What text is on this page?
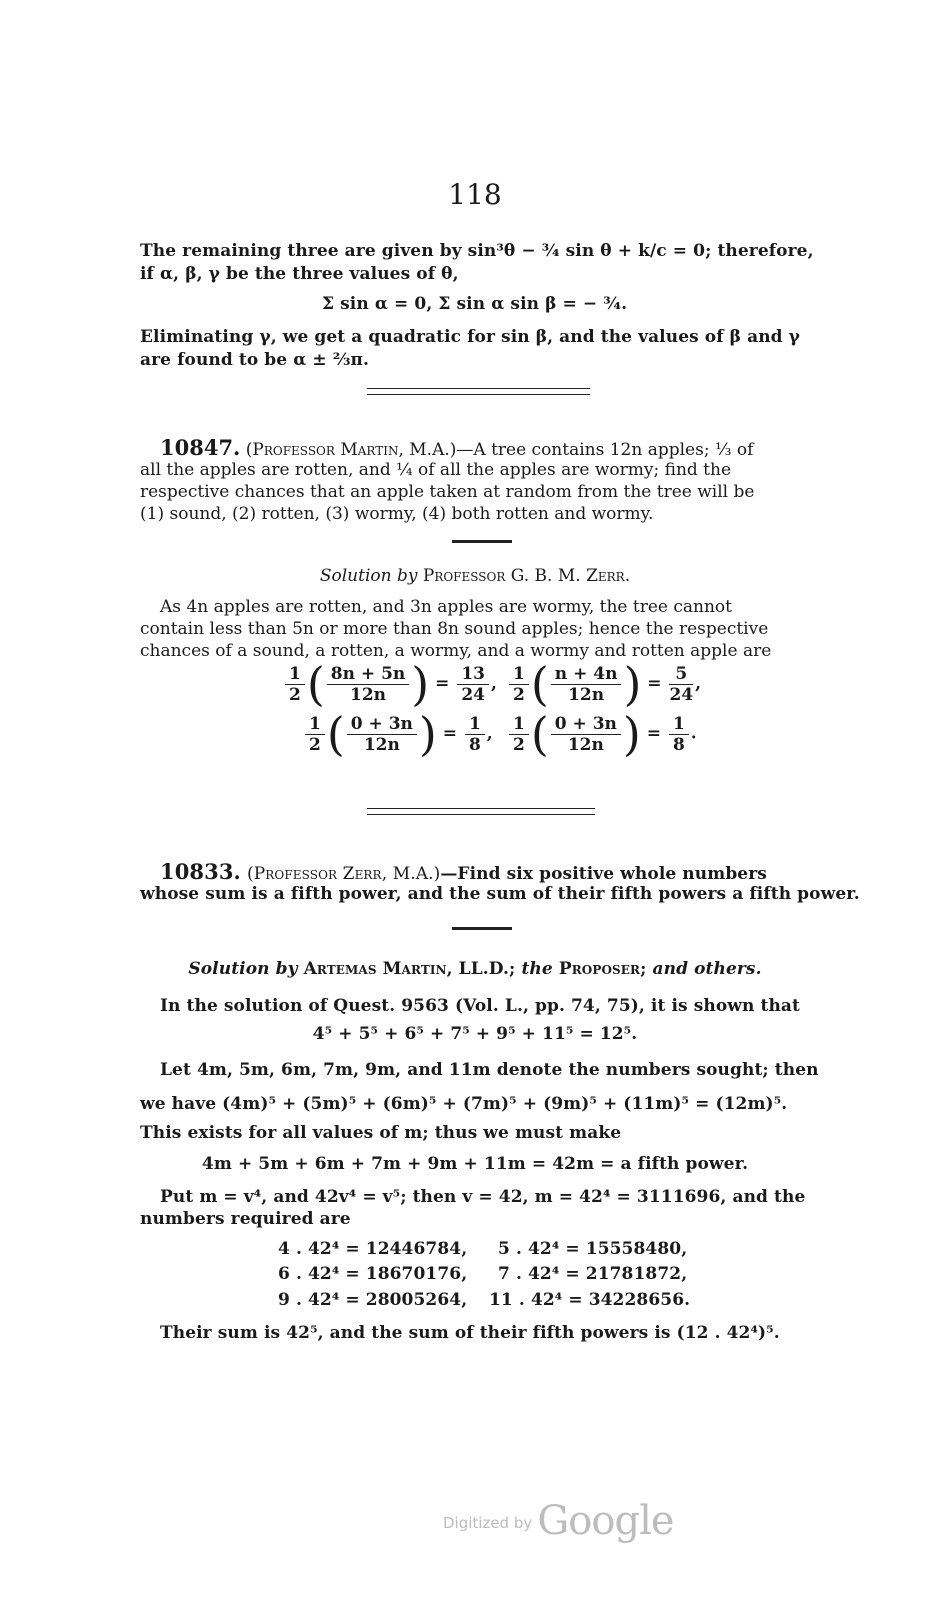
118
The remaining three are given by sin³θ − ¾ sin θ + k/c = 0; therefore,
if α, β, γ be the three values of θ,
Σ sin α = 0, Σ sin α sin β = − ¾.
Eliminating γ, we get a quadratic for sin β, and the values of β and γ
are found to be α ± ⅔π.
10847. (Professor Martin, M.A.)—A tree contains 12n apples; ⅓ of
all the apples are rotten, and ¼ of all the apples are wormy; find the
respective chances that an apple taken at random from the tree will be
(1) sound, (2) rotten, (3) wormy, (4) both rotten and wormy.
Solution by Professor G. B. M. Zerr.
As 4n apples are rotten, and 3n apples are wormy, the tree cannot
contain less than 5n or more than 8n sound apples; hence the respective
chances of a sound, a rotten, a wormy, and a wormy and rotten apple are
$\frac{1}{2}$ ( $\frac{8n + 5n}{12n}$ ) = $\frac{13}{24}$ , $\frac{1}{2}$ ( $\frac{n + 4n}{12n}$ ) = $\frac{5}{24}$ ,
$\frac{1}{2}$ ( $\frac{0 + 3n}{12n}$ ) = $\frac{1}{8}$ , $\frac{1}{2}$ ( $\frac{0 + 3n}{12n}$ ) = $\frac{1}{8}$ .
10833. (Professor Zerr, M.A.)—Find six positive whole numbers
whose sum is a fifth power, and the sum of their fifth powers a fifth power.
Solution by Artemas Martin, LL.D.; the Proposer; and others.
In the solution of Quest. 9563 (Vol. L., pp. 74, 75), it is shown that
4⁵ + 5⁵ + 6⁵ + 7⁵ + 9⁵ + 11⁵ = 12⁵.
Let 4m, 5m, 6m, 7m, 9m, and 11m denote the numbers sought; then
we have (4m)⁵ + (5m)⁵ + (6m)⁵ + (7m)⁵ + (9m)⁵ + (11m)⁵ = (12m)⁵.
This exists for all values of m; thus we must make
4m + 5m + 6m + 7m + 9m + 11m = 42m = a fifth power.
Put m = v⁴, and 42v⁴ = v⁵; then v = 42, m = 42⁴ = 3111696, and the
numbers required are
4 . 42⁴ = 12446784, 5 . 42⁴ = 15558480,
6 . 42⁴ = 18670176, 7 . 42⁴ = 21781872,
9 . 42⁴ = 28005264, 11 . 42⁴ = 34228656.
Their sum is 42⁵, and the sum of their fifth powers is (12 . 42⁴)⁵.
Digitized by Google
